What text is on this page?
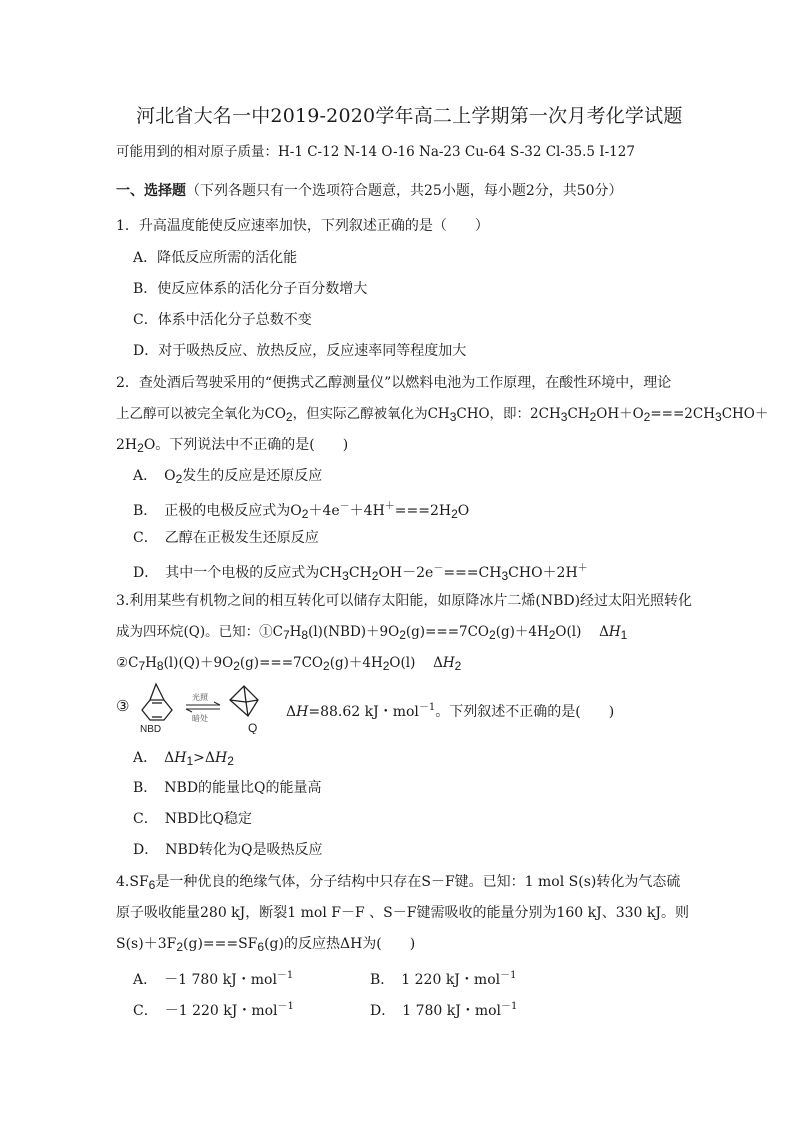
河北省大名一中2019-2020学年高二上学期第一次月考化学试题
可能用到的相对原子质量：H-1 C-12 N-14 O-16 Na-23 Cu-64 S-32 Cl-35.5 I-127
一、选择题（下列各题只有一个选项符合题意，共25小题，每小题2分，共50分）
1．升高温度能使反应速率加快，下列叙述正确的是（　　）
A．降低反应所需的活化能
B．使反应体系的活化分子百分数增大
C．体系中活化分子总数不变
D．对于吸热反应、放热反应，反应速率同等程度加大
2．查处酒后驾驶采用的“便携式乙醇测量仪”以燃料电池为工作原理，在酸性环境中，理论
上乙醇可以被完全氧化为CO2，但实际乙醇被氧化为CH3CHO，即：2CH3CH2OH＋O2===2CH3CHO＋
2H2O。下列说法中不正确的是(　　)
A．　O2发生的反应是还原反应
B．　正极的电极反应式为O2＋4e－＋4H＋===2H2O
C．　乙醇在正极发生还原反应
D．　其中一个电极的反应式为CH3CH2OH－2e－===CH3CHO＋2H＋
3.利用某些有机物之间的相互转化可以储存太阳能，如原降冰片二烯(NBD)经过太阳光照转化
成为四环烷(Q)。已知：①C7H8(l)(NBD)＋9O2(g)===7CO2(g)＋4H2O(l)　 ΔH1
②C7H8(l)(Q)＋9O2(g)===7CO2(g)＋4H2O(l)　 ΔH2
③
NBD
光照
暗处
Q
ΔH=88.62 kJ・mol$^{-1}$。下列叙述不正确的是(　　)
A．　ΔH1>ΔH2
B．　NBD的能量比Q的能量高
C．　NBD比Q稳定
D．　NBD转化为Q是吸热反应
4.SF6是一种优良的绝缘气体，分子结构中只存在S－F键。已知：1 mol S(s)转化为气态硫
原子吸收能量280 kJ，断裂1 mol F－F 、S－F键需吸收的能量分别为160 kJ、330 kJ。则
S(s)＋3F2(g)===SF6(g)的反应热ΔH为(　　)
A．　－1 780 kJ・mol$^{-1}$	B．　1 220 kJ・mol$^{-1}$
C．　－1 220 kJ・mol$^{-1}$	D．　1 780 kJ・mol$^{-1}$
